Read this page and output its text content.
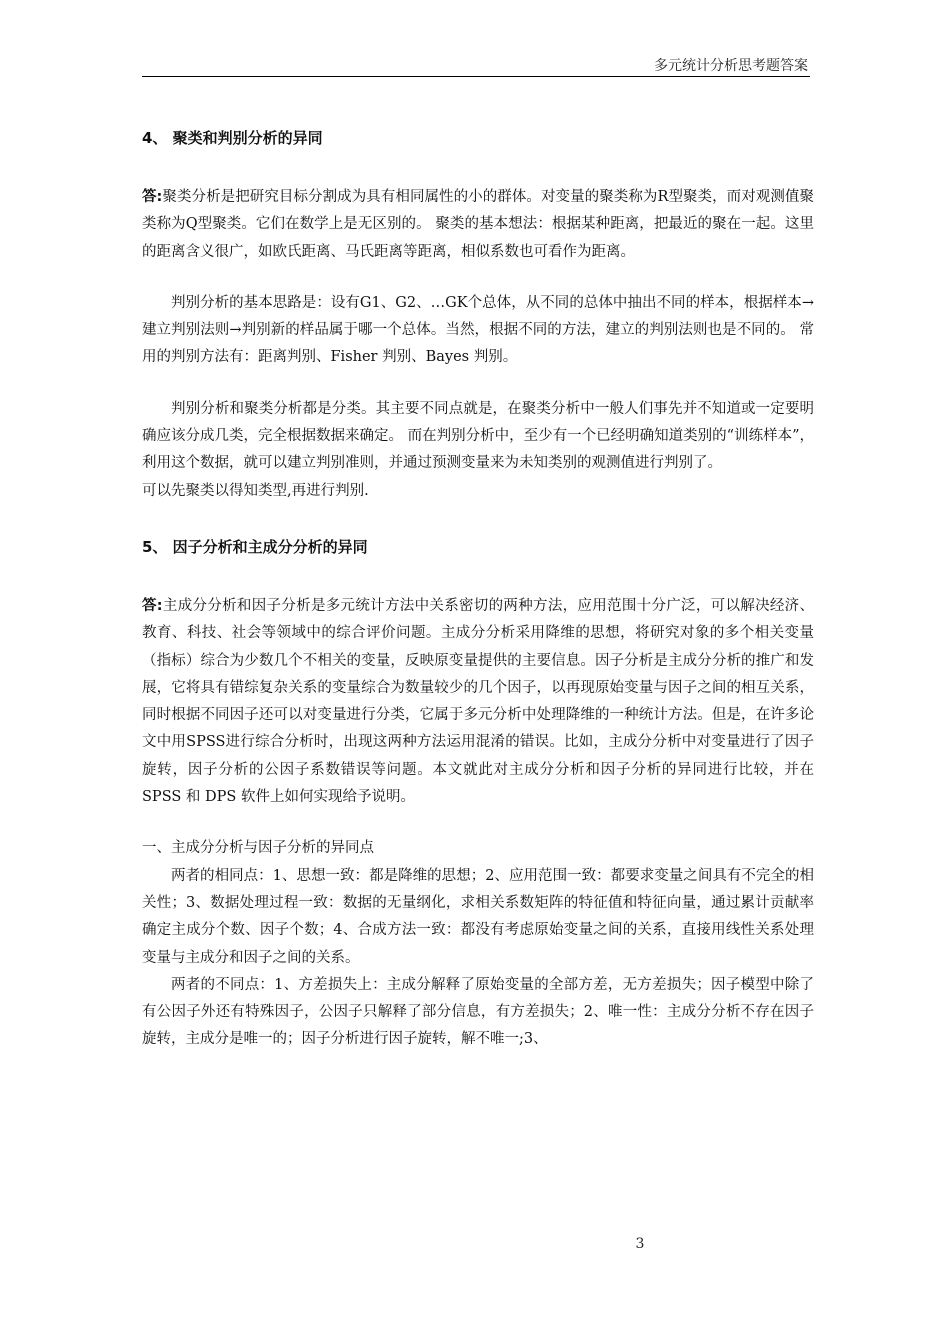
多元统计分析思考题答案
4、 聚类和判别分析的异同

答:聚类分析是把研究目标分割成为具有相同属性的小的群体。对变量的聚类称为R型聚类，而对观测值聚类称为Q型聚类。它们在数学上是无区别的。 聚类的基本想法：根据某种距离，把最近的聚在一起。这里的距离含义很广，如欧氏距离、马氏距离等距离，相似系数也可看作为距离。

判别分析的基本思路是：设有G1、G2、…GK个总体，从不同的总体中抽出不同的样本，根据样本→建立判别法则→判别新的样品属于哪一个总体。当然，根据不同的方法，建立的判别法则也是不同的。 常用的判别方法有：距离判别、Fisher 判别、Bayes 判别。

判别分析和聚类分析都是分类。其主要不同点就是，在聚类分析中一般人们事先并不知道或一定要明确应该分成几类，完全根据数据来确定。 而在判别分析中，至少有一个已经明确知道类别的“训练样本”，利用这个数据，就可以建立判别准则，并通过预测变量来为未知类别的观测值进行判别了。

可以先聚类以得知类型,再进行判别.

5、 因子分析和主成分分析的异同

答:主成分分析和因子分析是多元统计方法中关系密切的两种方法，应用范围十分广泛，可以解决经济、教育、科技、社会等领域中的综合评价问题。主成分分析采用降维的思想，将研究对象的多个相关变量（指标）综合为少数几个不相关的变量，反映原变量提供的主要信息。因子分析是主成分分析的推广和发展，它将具有错综复杂关系的变量综合为数量较少的几个因子，以再现原始变量与因子之间的相互关系，同时根据不同因子还可以对变量进行分类，它属于多元分析中处理降维的一种统计方法。但是，在许多论文中用SPSS进行综合分析时，出现这两种方法运用混淆的错误。比如，主成分分析中对变量进行了因子旋转，因子分析的公因子系数错误等问题。本文就此对主成分分析和因子分析的异同进行比较，并在SPSS 和 DPS 软件上如何实现给予说明。

一、主成分分析与因子分析的异同点

两者的相同点：1、思想一致：都是降维的思想；2、应用范围一致：都要求变量之间具有不完全的相关性；3、数据处理过程一致：数据的无量纲化，求相关系数矩阵的特征值和特征向量，通过累计贡献率确定主成分个数、因子个数；4、合成方法一致：都没有考虑原始变量之间的关系，直接用线性关系处理变量与主成分和因子之间的关系。

两者的不同点：1、方差损失上：主成分解释了原始变量的全部方差，无方差损失；因子模型中除了有公因子外还有特殊因子，公因子只解释了部分信息，有方差损失；2、唯一性：主成分分析不存在因子旋转，主成分是唯一的；因子分析进行因子旋转，解不唯一;3、

3
